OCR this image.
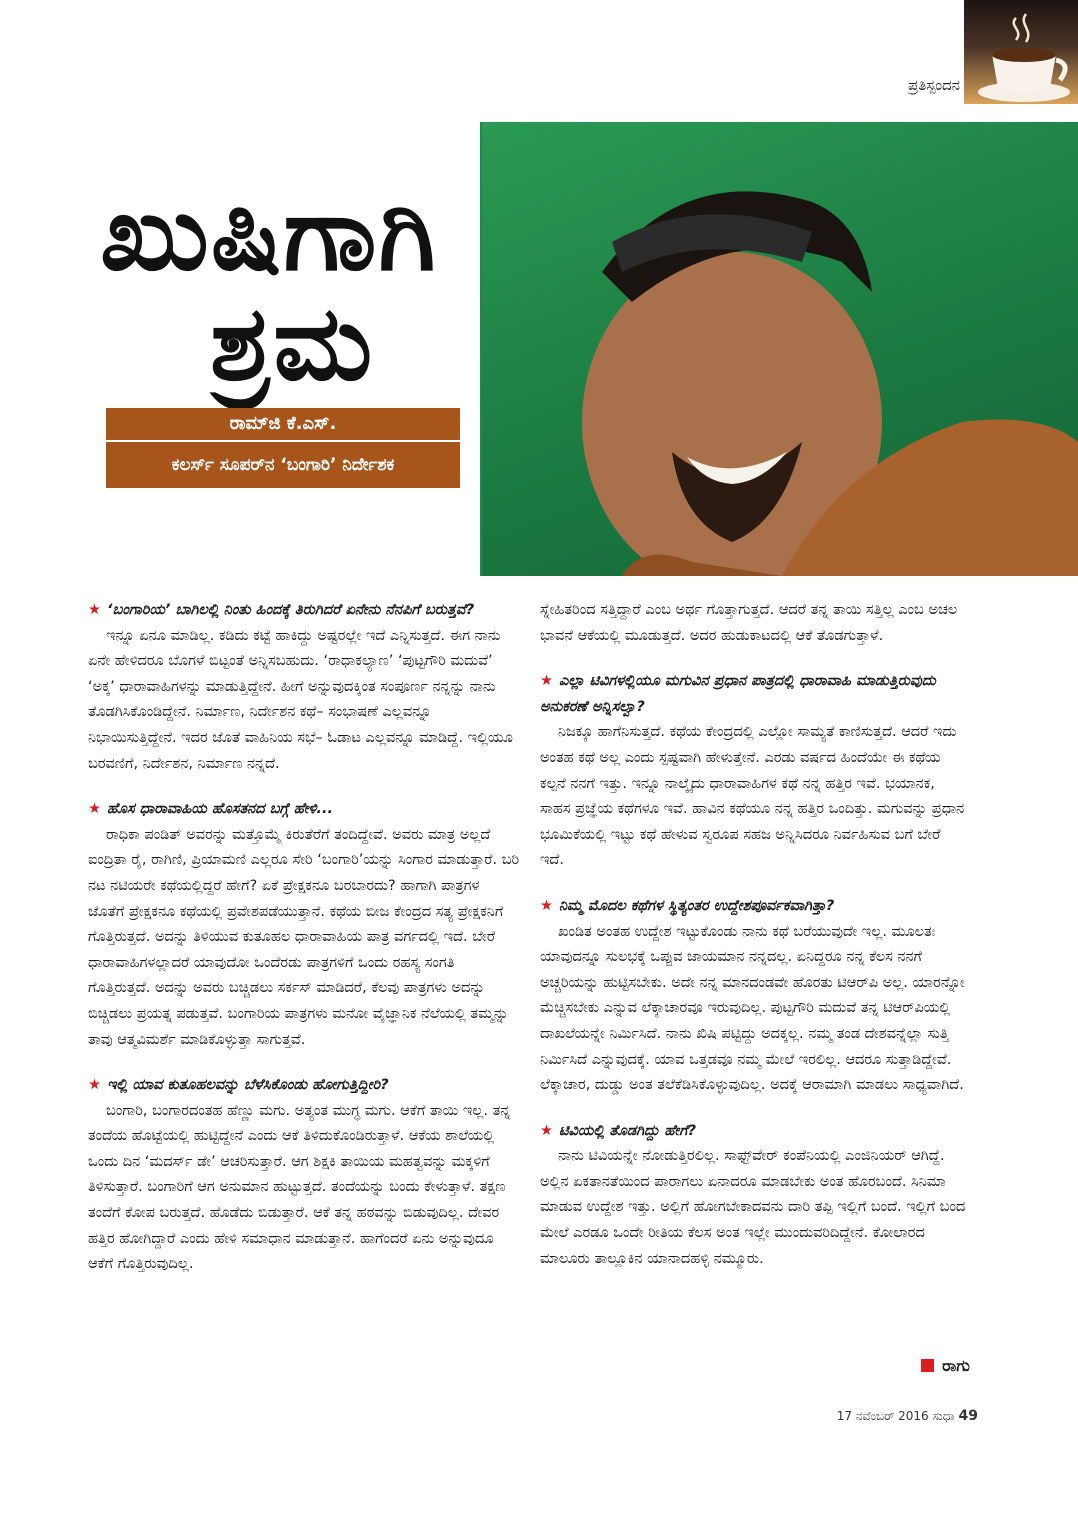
ಪ್ರತಿಸ್ಪಂದನ
ಖುಷಿಗಾಗಿ
ಶ್ರಮ
ರಾಮ್‌ಜಿ ಕೆ.ಎಸ್.
ಕಲರ್ಸ್ ಸೂಪರ್‌ನ ‘ಬಂಗಾರಿ’ ನಿರ್ದೇಶಕ

★ ‘ಬಂಗಾರಿಯ’ ಬಾಗಿಲಲ್ಲಿ ನಿಂತು ಹಿಂದಕ್ಕೆ ತಿರುಗಿದರೆ ಏನೇನು ನೆನಪಿಗೆ ಬರುತ್ತವೆ?

ಇನ್ನೂ ಏನೂ ಮಾಡಿಲ್ಲ. ಕಡಿದು ಕಟ್ಟೆ ಹಾಕಿದ್ದು ಅಷ್ಟರಲ್ಲೇ ಇದೆ ಎನ್ನಿಸುತ್ತದೆ. ಈಗ ನಾನು ಏನೇ ಹೇಳಿದರೂ ಬೊಗಳೆ ಬಿಟ್ಟಂತೆ ಅನ್ನಿಸಬಹುದು. ‘ರಾಧಾಕಲ್ಯಾಣ’ ‘ಪುಟ್ಟಗೌರಿ ಮದುವೆ’ ‘ಅಕ್ಕ’ ಧಾರಾವಾಹಿಗಳನ್ನು ಮಾಡುತ್ತಿದ್ದೇನೆ. ಹೀಗೆ ಅನ್ನುವುದಕ್ಕಿಂತ ಸಂಪೂರ್ಣ ನನ್ನನ್ನು ನಾನು ತೊಡಗಿಸಿಕೊಂಡಿದ್ದೇನೆ. ನಿರ್ಮಾಣ, ನಿರ್ದೇಶನ ಕಥೆ– ಸಂಭಾಷಣೆ ಎಲ್ಲವನ್ನೂ ನಿಭಾಯಿಸುತ್ತಿದ್ದೇನೆ. ಇದರ ಜೊತೆ ವಾಹಿನಿಯ ಸಭೆ– ಓಡಾಟ ಎಲ್ಲವನ್ನೂ ಮಾಡಿದ್ದೆ. ಇಲ್ಲಿಯೂ ಬರವಣಿಗೆ, ನಿರ್ದೇಶನ, ನಿರ್ಮಾಣ ನನ್ನದೆ.

★ ಹೊಸ ಧಾರಾವಾಹಿಯ ಹೊಸತನದ ಬಗ್ಗೆ ಹೇಳಿ...

ರಾಧಿಕಾ ಪಂಡಿತ್ ಅವರನ್ನು ಮತ್ತೊಮ್ಮೆ ಕಿರುತೆರೆಗೆ ತಂದಿದ್ದೇವೆ. ಅವರು ಮಾತ್ರ ಅಲ್ಲದೆ ಐಂದ್ರಿತಾ ರೈ, ರಾಗಿಣಿ, ಪ್ರಿಯಾಮಣಿ ಎಲ್ಲರೂ ಸೇರಿ ‘ಬಂಗಾರಿ’ಯನ್ನು ಸಿಂಗಾರ ಮಾಡುತ್ತಾರೆ. ಬರಿ ನಟ ನಟಿಯರೇ ಕಥೆಯಲ್ಲಿದ್ದರೆ ಹೇಗೆ? ಏಕೆ ಪ್ರೇಕ್ಷಕನೂ ಬರಬಾರದು? ಹಾಗಾಗಿ ಪಾತ್ರಗಳ ಜೊತೆಗೆ ಪ್ರೇಕ್ಷಕನೂ ಕಥೆಯಲ್ಲಿ ಪ್ರವೇಶಪಡೆಯುತ್ತಾನೆ. ಕಥೆಯ ಬೀಜ ಕೇಂದ್ರದ ಸತ್ಯ ಪ್ರೇಕ್ಷಕನಿಗೆ ಗೊತ್ತಿರುತ್ತದೆ. ಅದನ್ನು ತಿಳಿಯುವ ಕುತೂಹಲ ಧಾರಾವಾಹಿಯ ಪಾತ್ರ ವರ್ಗದಲ್ಲಿ ಇದೆ. ಬೇರೆ ಧಾರಾವಾಹಿಗಳಲ್ಲಾದರೆ ಯಾವುದೋ ಒಂದೆರಡು ಪಾತ್ರಗಳಿಗೆ ಒಂದು ರಹಸ್ಯ ಸಂಗತಿ ಗೊತ್ತಿರುತ್ತದೆ. ಅದನ್ನು ಅವರು ಬಚ್ಚಿಡಲು ಸರ್ಕಸ್ ಮಾಡಿದರೆ, ಕೆಲವು ಪಾತ್ರಗಳು ಅದನ್ನು ಬಿಚ್ಚಿಡಲು ಪ್ರಯತ್ನ ಪಡುತ್ತವೆ. ಬಂಗಾರಿಯ ಪಾತ್ರಗಳು ಮನೋ ವೈಜ್ಞಾನಿಕ ನೆಲೆಯಲ್ಲಿ ತಮ್ಮನ್ನು ತಾವು ಆತ್ಮವಿಮರ್ಶೆ ಮಾಡಿಕೊಳ್ಳುತ್ತಾ ಸಾಗುತ್ತವೆ.

★ ಇಲ್ಲಿ ಯಾವ ಕುತೂಹಲವನ್ನು ಬೆಳೆಸಿಕೊಂಡು ಹೋಗುತ್ತಿದ್ದೀರಿ?

ಬಂಗಾರಿ, ಬಂಗಾರದಂತಹ ಹೆಣ್ಣು ಮಗು. ಅತ್ಯಂತ ಮುಗ್ಧ ಮಗು. ಆಕೆಗೆ ತಾಯಿ ಇಲ್ಲ. ತನ್ನ ತಂದೆಯ ಹೊಟ್ಟೆಯಲ್ಲಿ ಹುಟ್ಟಿದ್ದೇನೆ ಎಂದು ಆಕೆ ತಿಳಿದುಕೊಂಡಿರುತ್ತಾಳೆ. ಆಕೆಯ ಶಾಲೆಯಲ್ಲಿ ಒಂದು ದಿನ ‘ಮದರ್ಸ್ ಡೇ’ ಆಚರಿಸುತ್ತಾರೆ. ಆಗ ಶಿಕ್ಷಕಿ ತಾಯಿಯ ಮಹತ್ವವನ್ನು ಮಕ್ಕಳಿಗೆ ತಿಳಿಸುತ್ತಾರೆ. ಬಂಗಾರಿಗೆ ಆಗ ಅನುಮಾನ ಹುಟ್ಟುತ್ತದೆ. ತಂದೆಯನ್ನು ಬಂದು ಕೇಳುತ್ತಾಳೆ. ತಕ್ಷಣ ತಂದೆಗೆ ಕೋಪ ಬರುತ್ತದೆ. ಹೊಡೆದು ಬಿಡುತ್ತಾರೆ. ಆಕೆ ತನ್ನ ಹಠವನ್ನು ಬಿಡುವುದಿಲ್ಲ. ದೇವರ ಹತ್ತಿರ ಹೋಗಿದ್ದಾರೆ ಎಂದು ಹೇಳಿ ಸಮಾಧಾನ ಮಾಡುತ್ತಾನೆ. ಹಾಗೆಂದರೆ ಏನು ಅನ್ನುವುದೂ ಆಕೆಗೆ ಗೊತ್ತಿರುವುದಿಲ್ಲ.

ಸ್ನೇಹಿತರಿಂದ ಸತ್ತಿದ್ದಾರೆ ಎಂಬ ಅರ್ಥ ಗೊತ್ತಾಗುತ್ತದೆ. ಆದರೆ ತನ್ನ ತಾಯಿ ಸತ್ತಿಲ್ಲ ಎಂಬ ಅಚಲ ಭಾವನೆ ಆಕೆಯಲ್ಲಿ ಮೂಡುತ್ತದೆ. ಅದರ ಹುಡುಕಾಟದಲ್ಲಿ ಆಕೆ ತೊಡಗುತ್ತಾಳೆ.

★ ಎಲ್ಲಾ ಟಿವಿಗಳಲ್ಲಿಯೂ ಮಗುವಿನ ಪ್ರಧಾನ ಪಾತ್ರದಲ್ಲಿ ಧಾರಾವಾಹಿ ಮಾಡುತ್ತಿರುವುದು ಅನುಕರಣೆ ಅನ್ನಿಸಲ್ವಾ?

ನಿಜಕ್ಕೂ ಹಾಗೆನಿಸುತ್ತದೆ. ಕಥೆಯ ಕೇಂದ್ರದಲ್ಲಿ ಎಲ್ಲೋ ಸಾಮ್ಯತೆ ಕಾಣಿಸುತ್ತದೆ. ಆದರೆ ಇದು ಅಂತಹ ಕಥೆ ಅಲ್ಲ ಎಂದು ಸ್ಪಷ್ಟವಾಗಿ ಹೇಳುತ್ತೇನೆ. ಎರಡು ವರ್ಷದ ಹಿಂದೆಯೇ ಈ ಕಥೆಯ ಕಲ್ಪನೆ ನನಗೆ ಇತ್ತು. ಇನ್ನೂ ನಾಲ್ಕೈದು ಧಾರಾವಾಹಿಗಳ ಕಥೆ ನನ್ನ ಹತ್ತಿರ ಇವೆ. ಭಯಾನಕ, ಸಾಹಸ ಪ್ರಜ್ಞೆಯ ಕಥೆಗಳೂ ಇವೆ. ಹಾವಿನ ಕಥೆಯೂ ನನ್ನ ಹತ್ತಿರ ಒಂದಿತ್ತು. ಮಗುವನ್ನು ಪ್ರಧಾನ ಭೂಮಿಕೆಯಲ್ಲಿ ಇಟ್ಟು ಕಥೆ ಹೇಳುವ ಸ್ವರೂಪ ಸಹಜ ಅನ್ನಿಸಿದರೂ ನಿರ್ವಹಿಸುವ ಬಗೆ ಬೇರೆ ಇದೆ.

★ ನಿಮ್ಮ ಮೊದಲ ಕಥೆಗಳ ಸ್ಥಿತ್ಯಂತರ ಉದ್ದೇಶಪೂರ್ವಕವಾಗಿತ್ತಾ?

ಖಂಡಿತ ಅಂತಹ ಉದ್ದೇಶ ಇಟ್ಟುಕೊಂಡು ನಾನು ಕಥೆ ಬರೆಯುವುದೇ ಇಲ್ಲ. ಮೂಲತಃ ಯಾವುದನ್ನೂ ಸುಲಭಕ್ಕೆ ಒಪ್ಪುವ ಜಾಯಮಾನ ನನ್ನದಲ್ಲ. ಏನಿದ್ದರೂ ನನ್ನ ಕೆಲಸ ನನಗೆ ಅಚ್ಚರಿಯನ್ನು ಹುಟ್ಟಿಸಬೇಕು. ಅದೇ ನನ್ನ ಮಾನದಂಡವೇ ಹೊರತು ಟಿಆರ್‌ಪಿ ಅಲ್ಲ. ಯಾರನ್ನೋ ಮೆಚ್ಚಿಸಬೇಕು ಎನ್ನುವ ಲೆಕ್ಕಾಚಾರವೂ ಇರುವುದಿಲ್ಲ. ಪುಟ್ಟಗೌರಿ ಮದುವೆ ತನ್ನ ಟಿಆರ್‌ಪಿಯಲ್ಲಿ ದಾಖಲೆಯನ್ನೇ ನಿರ್ಮಿಸಿದೆ. ನಾನು ಖಿಷಿ ಪಟ್ಟಿದ್ದು ಅದಕ್ಕಲ್ಲ. ನಮ್ಮ ತಂಡ ದೇಶವನ್ನೆಲ್ಲಾ ಸುತ್ತಿ ನಿರ್ಮಿಸಿದೆ ಎನ್ನುವುದಕ್ಕೆ. ಯಾವ ಒತ್ತಡವೂ ನಮ್ಮ ಮೇಲೆ ಇರಲಿಲ್ಲ. ಆದರೂ ಸುತ್ತಾಡಿದ್ದೇವೆ. ಲೆಕ್ಕಾಚಾರ, ದುಡ್ಡು ಅಂತ ತಲೆಕೆಡಿಸಿಕೊಳ್ಳುವುದಿಲ್ಲ. ಅದಕ್ಕೆ ಆರಾಮಾಗಿ ಮಾಡಲು ಸಾಧ್ಯವಾಗಿದೆ.

★ ಟಿವಿಯಲ್ಲಿ ತೊಡಗಿದ್ದು ಹೇಗೆ?

ನಾನು ಟಿವಿಯನ್ನೇ ನೋಡುತ್ತಿರಲಿಲ್ಲ. ಸಾಫ್ಟ್‌ವೇರ್ ಕಂಪೆನಿಯಲ್ಲಿ ಎಂಜಿನಿಯರ್ ಆಗಿದ್ದೆ. ಅಲ್ಲಿನ ಏಕತಾನತೆಯಿಂದ ಪಾರಾಗಲು ಏನಾದರೂ ಮಾಡಬೇಕು ಅಂತ ಹೊರಬಂದೆ. ಸಿನಿಮಾ ಮಾಡುವ ಉದ್ದೇಶ ಇತ್ತು. ಅಲ್ಲಿಗೆ ಹೋಗಬೇಕಾದವನು ದಾರಿ ತಪ್ಪಿ ಇಲ್ಲಿಗೆ ಬಂದೆ. ಇಲ್ಲಿಗೆ ಬಂದ ಮೇಲೆ ಎರಡೂ ಒಂದೇ ರೀತಿಯ ಕೆಲಸ ಅಂತ ಇಲ್ಲೇ ಮುಂದುವರಿದಿದ್ದೇನೆ. ಕೋಲಾರದ ಮಾಲೂರು ತಾಲ್ಲೂಕಿನ ಯಾನಾದಹಳ್ಳಿ ನಮ್ಮೂರು.

ರಾಗು
17 ನವೆಂಬರ್ 2016 ಸುಧಾ 49
